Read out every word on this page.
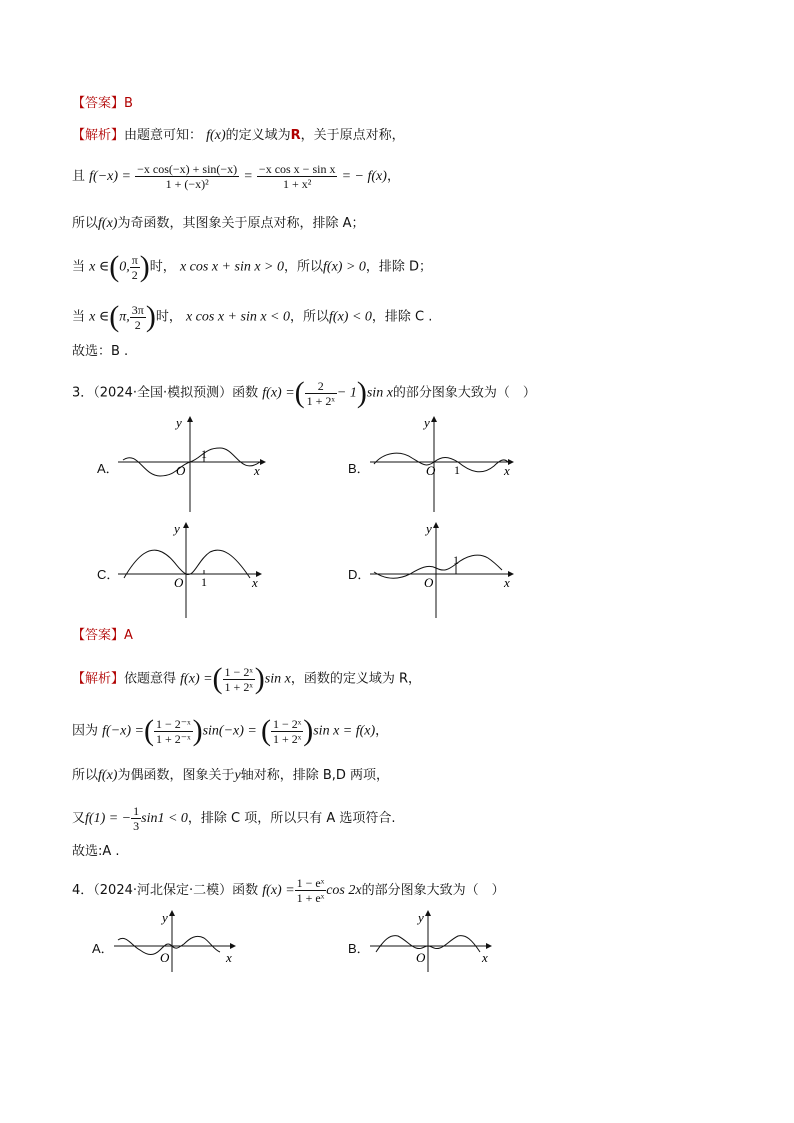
【答案】B
【解析】由题意可知： f(x)的定义域为R，关于原点对称，
且 $f(-x) = \frac{\text{−x cos(−x) + sin(−x)}}{\text{1 + (−x)²}} = \frac{\text{−x cos x − sin x}}{\text{1 + x²}}$ = − f(x)，
所以f(x)为奇函数，其图象关于原点对称，排除 A；
当 x ∈(0, $\frac{\pi}{2}$ )时， x cos x + sin x > 0，所以f(x) > 0，排除 D；
当 x ∈(π, $\frac{3\pi}{2}$ )时， x cos x + sin x < 0，所以f(x) < 0，排除 C .
故选：B .
3．（2024·全国·模拟预测）函数 f(x) =( $\frac{2}{\text{1 + 2ˣ}} - 1)\sin$ x的部分图象大致为（　）
A．
1
O
y
x	B．	1
O
y
x
C．	1
O
y
x
D．
1
O
y
x
【答案】A
【解析】依题意得 f(x) =( $\frac{\text{1 − 2ˣ}}{\text{1 + 2ˣ}} )\sin$ x，函数的定义域为 R，
因为 f(−x) =( $\frac{\text{1 − 2⁻ˣ}}{\text{1 + 2⁻ˣ}} )\sin(-x)$ = ( $\frac{\text{1 − 2ˣ}}{\text{1 + 2ˣ}} )\sin$ x = f(x)，
所以f(x)为偶函数，图象关于y轴对称，排除 B,D 两项，
又f(1) = − $\frac{1}{3} \sin 1 < 0$，排除 C 项，所以只有 A 选项符合.
故选:A .
4．（2024·河北保定·二模）函数 $f(x) = \frac{\text{1 − eˣ}}{\text{1 + eˣ}}$ cos 2x的部分图象大致为（　）
A．
O
y
x
B．
O
y
x
